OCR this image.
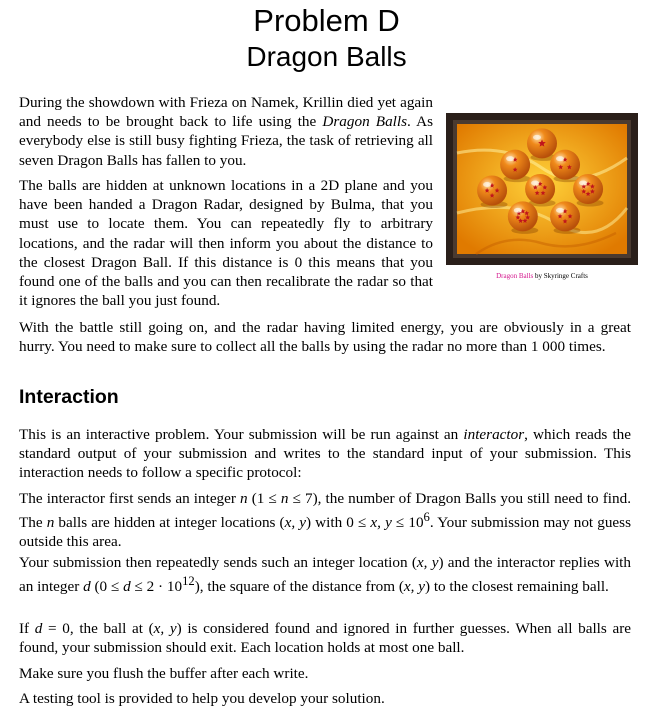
Problem D
Dragon Balls

During the showdown with Frieza on Namek, Krillin died yet again and needs to be brought back to life using the Dragon Balls. As everybody else is still busy fighting Frieza, the task of retrieving all seven Dragon Balls has fallen to you.

The balls are hidden at unknown locations in a 2D plane and you have been handed a Dragon Radar, designed by Bulma, that you must use to locate them. You can repeatedly fly to arbitrary locations, and the radar will then inform you about the distance to the closest Dragon Ball. If this distance is 0 this means that you found one of the balls and you can then recalibrate the radar so that it ignores the ball you just found.

With the battle still going on, and the radar having limited energy, you are obviously in a great hurry. You need to make sure to collect all the balls by using the radar no more than 1 000 times.

Dragon Balls by Skyringe Crafts
Interaction

This is an interactive problem. Your submission will be run against an interactor, which reads the standard output of your submission and writes to the standard input of your submission. This interaction needs to follow a specific protocol:

The interactor first sends an integer n (1 ≤ n ≤ 7), the number of Dragon Balls you still need to find. The n balls are hidden at integer locations (x, y) with 0 ≤ x, $y \le 10^6$. Your submission may not guess outside this area.

Your submission then repeatedly sends such an integer location (x, y) and the interactor replies with an integer d $(0 \le d \le 2 \cdot 10^{12})$, the square of the distance from (x, y) to the closest remaining ball.

If d = 0, the ball at (x, y) is considered found and ignored in further guesses. When all balls are found, your submission should exit. Each location holds at most one ball.

Make sure you flush the buffer after each write.

A testing tool is provided to help you develop your solution.
